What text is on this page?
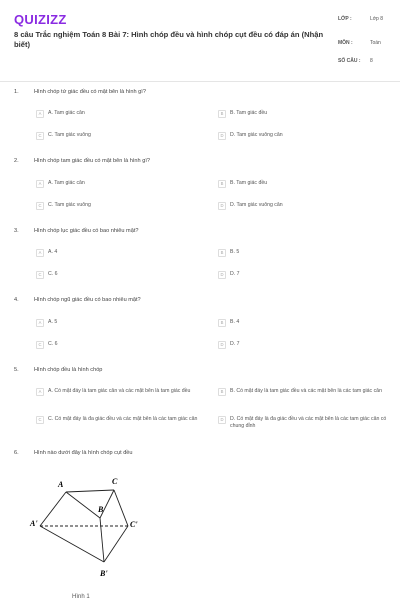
QUIZIZZ
8 câu Trắc nghiệm Toán 8 Bài 7: Hình chóp đều và hình chóp cụt đều có đáp án (Nhận biết)
LỚP :	Lớp 8
MÔN :	Toán
SỐ CÂU : 8
1.	Hình chóp tứ giác đều có mặt bên là hình gì?
A	A. Tam giác cân	B	B. Tam giác đều
C	C. Tam giác vuông	D	D. Tam giác vuông cân
2.	Hình chóp tam giác đều có mặt bên là hình gì?
A	A. Tam giác cân	B	B. Tam giác đều
C	C. Tam giác vuông	D	D. Tam giác vuông cân
3.	Hình chóp lục giác đều có bao nhiêu mặt?
A	A. 4	B	B. 5
C	C. 6	D	D. 7
4.	Hình chóp ngũ giác đều có bao nhiêu mặt?
A	A. 5	B	B. 4
C	C. 6	D	D. 7
5.	Hình chóp đều là hình chóp
A	A. Có mặt đáy là tam giác cân và các mặt bên là tam giác đều	B	B. Có mặt đáy là tam giác đều và các mặt bên là các tam giác cân
C	C. Có mặt đáy là đa giác đều và các mặt bên là các tam giác cân	D	D. Có mặt đáy là đa giác đều và các mặt bên là các tam giác cân có chung đỉnh
6.	Hình nào dưới đây là hình chóp cụt đều
A	C
B
A'	C'
B'
Hình 1
